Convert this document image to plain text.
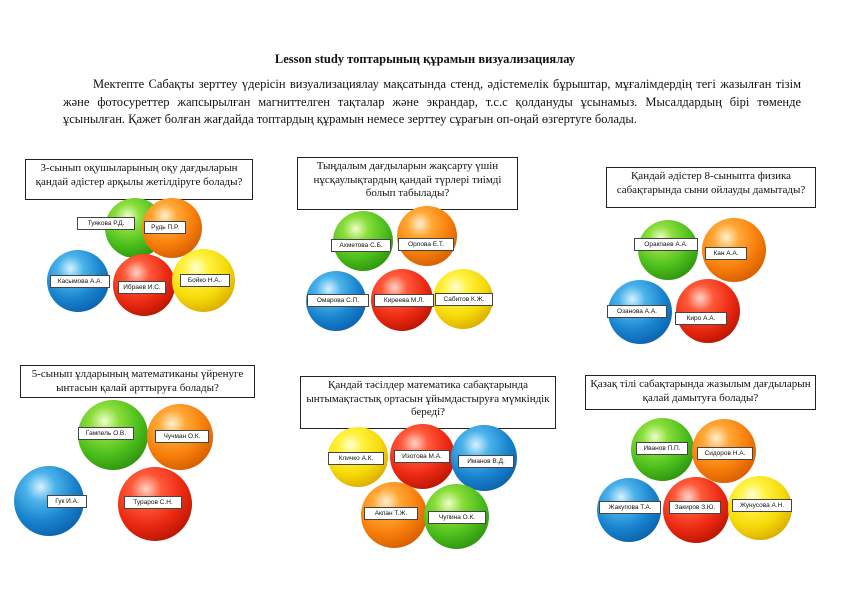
Lesson study топтарының құрамын визуализациялау

Мектепте Сабақты зерттеу үдерісін визуализациялау мақсатында стенд, әдістемелік бұрыштар, мұғалімдердің тегі жазылған тізім және фотосуреттер жапсырылған магниттелген тақталар және экрандар, т.с.с қолдануды ұсынамыз. Мысалдардың бірі төменде ұсынылған. Қажет болған жағдайда топтардың құрамын немесе зерттеу сұрағын оп-оңай өзгертуге болады.

3-сынып оқушыларының оқу дағдыларын қандай әдістер арқылы жетілдіруге болады?
Туякова Р.Д.
Рудь П.Р.
Касымова А.А.
Ибраев И.С.
Бойко Н.А..
Тыңдалым дағдыларын жақсарту үшін нұсқаулықтардың қандай түрлері тиімді болып табылады?
Ахметова С.Б.	Орлова Е.Т.
Омарова С.П.	Киреева М.Л.	Сабитов К.Ж.
Қандай әдістер 8-сыныпта физика сабақтарында сыни ойлауды дамытады?
Оракпаев А.А.
Кан А.А.
Озанова А.А.
Киро А.А.
5-сынып ұлдарының математиканы үйренуге ынтасын қалай арттыруға болады?
Гампель О.В.	Чучман О.К.
Гук И.А.	Тураров С.Н.
Қандай тәсілдер математика сабақтарында ынтымақтастық ортасын ұйымдастыруға мүмкіндік береді?
Кличко А.К.	Изотова М.А.
Иманов В.Д.
Акпан Т.Ж.
Чупина О.К.
Қазақ тілі сабақтарында жазылым дағдыларын қалай дамытуға болады?
Иванов П.П.
Сидоров Н.А.
Жакупова Т.А.	Закиров З.Ю.	Жунусова А.Н.
